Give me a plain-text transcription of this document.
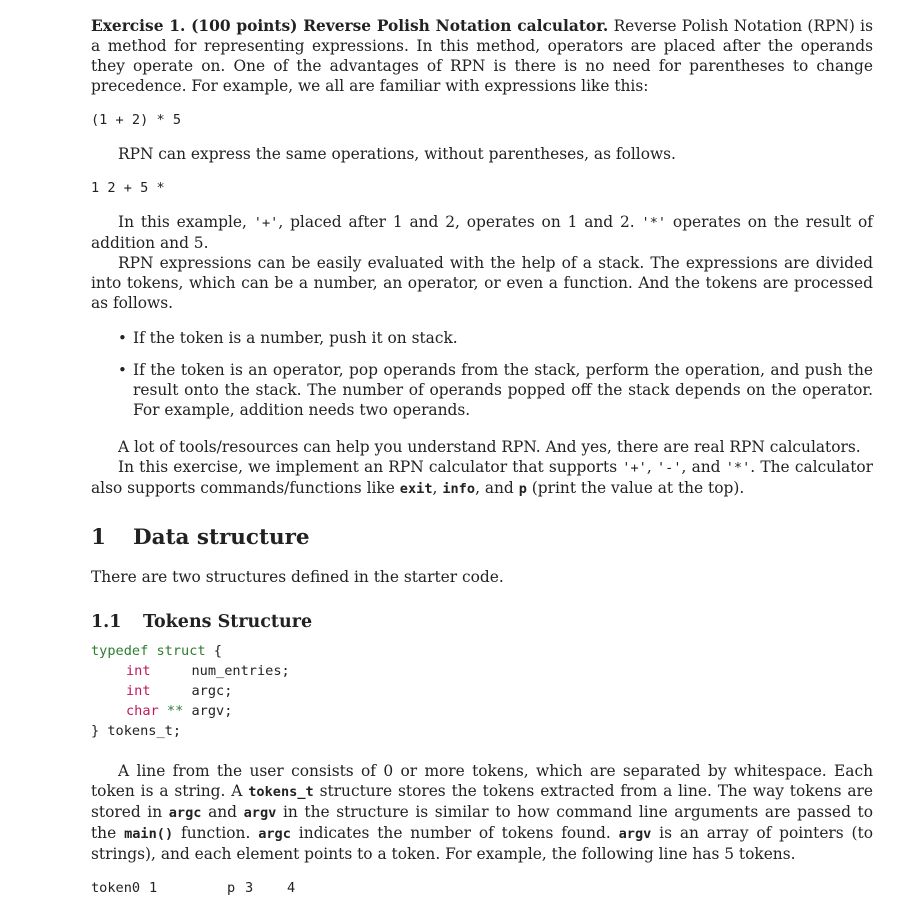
Exercise 1. (100 points) Reverse Polish Notation calculator. Reverse Polish Notation (RPN) is a method for representing expressions. In this method, operators are placed after the operands they operate on. One of the advantages of RPN is there is no need for parentheses to change precedence. For example, we all are familiar with expressions like this:

(1 + 2) * 5

RPN can express the same operations, without parentheses, as follows.

1 2 + 5 *

In this example, '+', placed after 1 and 2, operates on 1 and 2. '*' operates on the result of addition and 5.

RPN expressions can be easily evaluated with the help of a stack. The expressions are divided into tokens, which can be a number, an operator, or even a function. And the tokens are processed as follows.

• If the token is a number, push it on stack.
• If the token is an operator, pop operands from the stack, perform the operation, and push the result onto the stack. The number of operands popped off the stack depends on the operator. For example, addition needs two operands.

A lot of tools/resources can help you understand RPN. And yes, there are real RPN calculators.

In this exercise, we implement an RPN calculator that supports '+', '-', and '*'. The calculator also supports commands/functions like exit, info, and p (print the value at the top).

1 Data structure

There are two structures defined in the starter code.

1.1 Tokens Structure
typedef struct {
int     num_entries;
int     argc;
char ** argv;
} tokens_t;

A line from the user consists of 0 or more tokens, which are separated by whitespace. Each token is a string. A tokens_t structure stores the tokens extracted from a line. The way tokens are stored in argc and argv in the structure is similar to how command line arguments are passed to the main() function. argc indicates the number of tokens found. argv is an array of pointers (to strings), and each element points to a token. For example, the following line has 5 tokens.

token0 1	p 3 4
